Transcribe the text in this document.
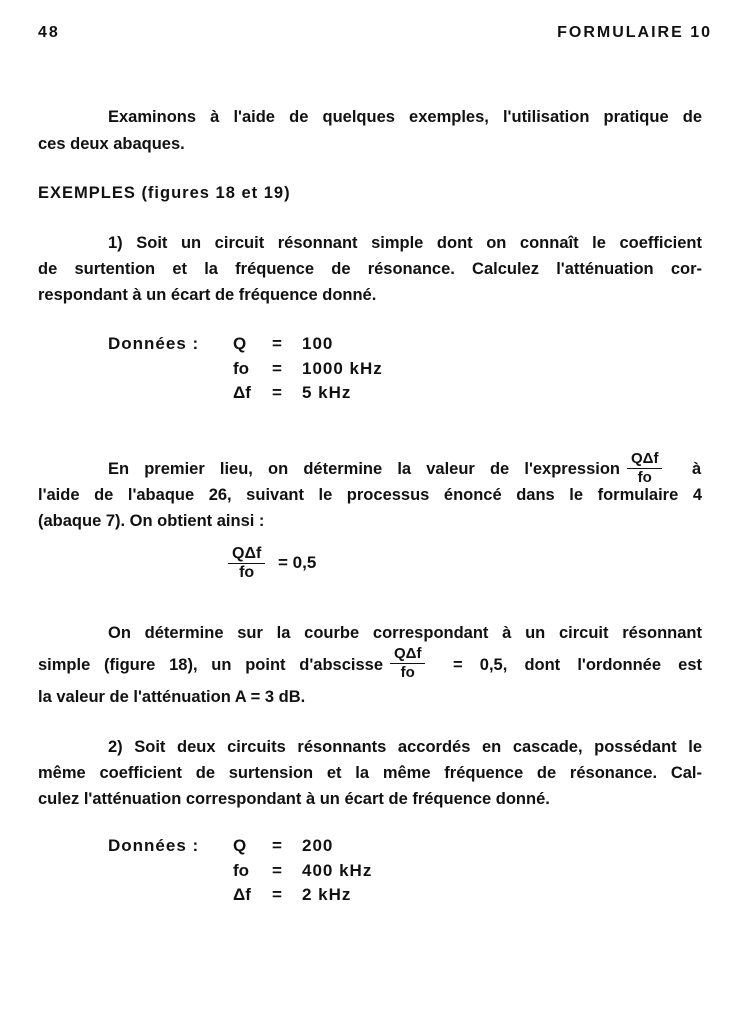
48	FORMULAIRE 10
Examinons à l'aide de quelques exemples, l'utilisation pratique de
ces deux abaques.
EXEMPLES (figures 18 et 19)
1) Soit un circuit résonnant simple dont on connaît le coefficient
de surtention et la fréquence de résonance. Calculez l'atténuation cor-
respondant à un écart de fréquence donné.
Données : Q = 100
fo = 1000 kHz
Δf = 5 kHz
En premier lieu, on détermine la valeur de l'expression
QΔf
fo à
l'aide de l'abaque 26, suivant le processus énoncé dans le formulaire 4
(abaque 7). On obtient ainsi :
QΔf
fo
= 0,5
On détermine sur la courbe correspondant à un circuit résonnant
simple (figure 18), un point d'abscisse
QΔf
fo = 0,5, dont l'ordonnée est
la valeur de l'atténuation A = 3 dB.
2) Soit deux circuits résonnants accordés en cascade, possédant le
même coefficient de surtension et la même fréquence de résonance. Cal-
culez l'atténuation correspondant à un écart de fréquence donné.
Données : Q = 200
fo = 400 kHz
Δf = 2 kHz
